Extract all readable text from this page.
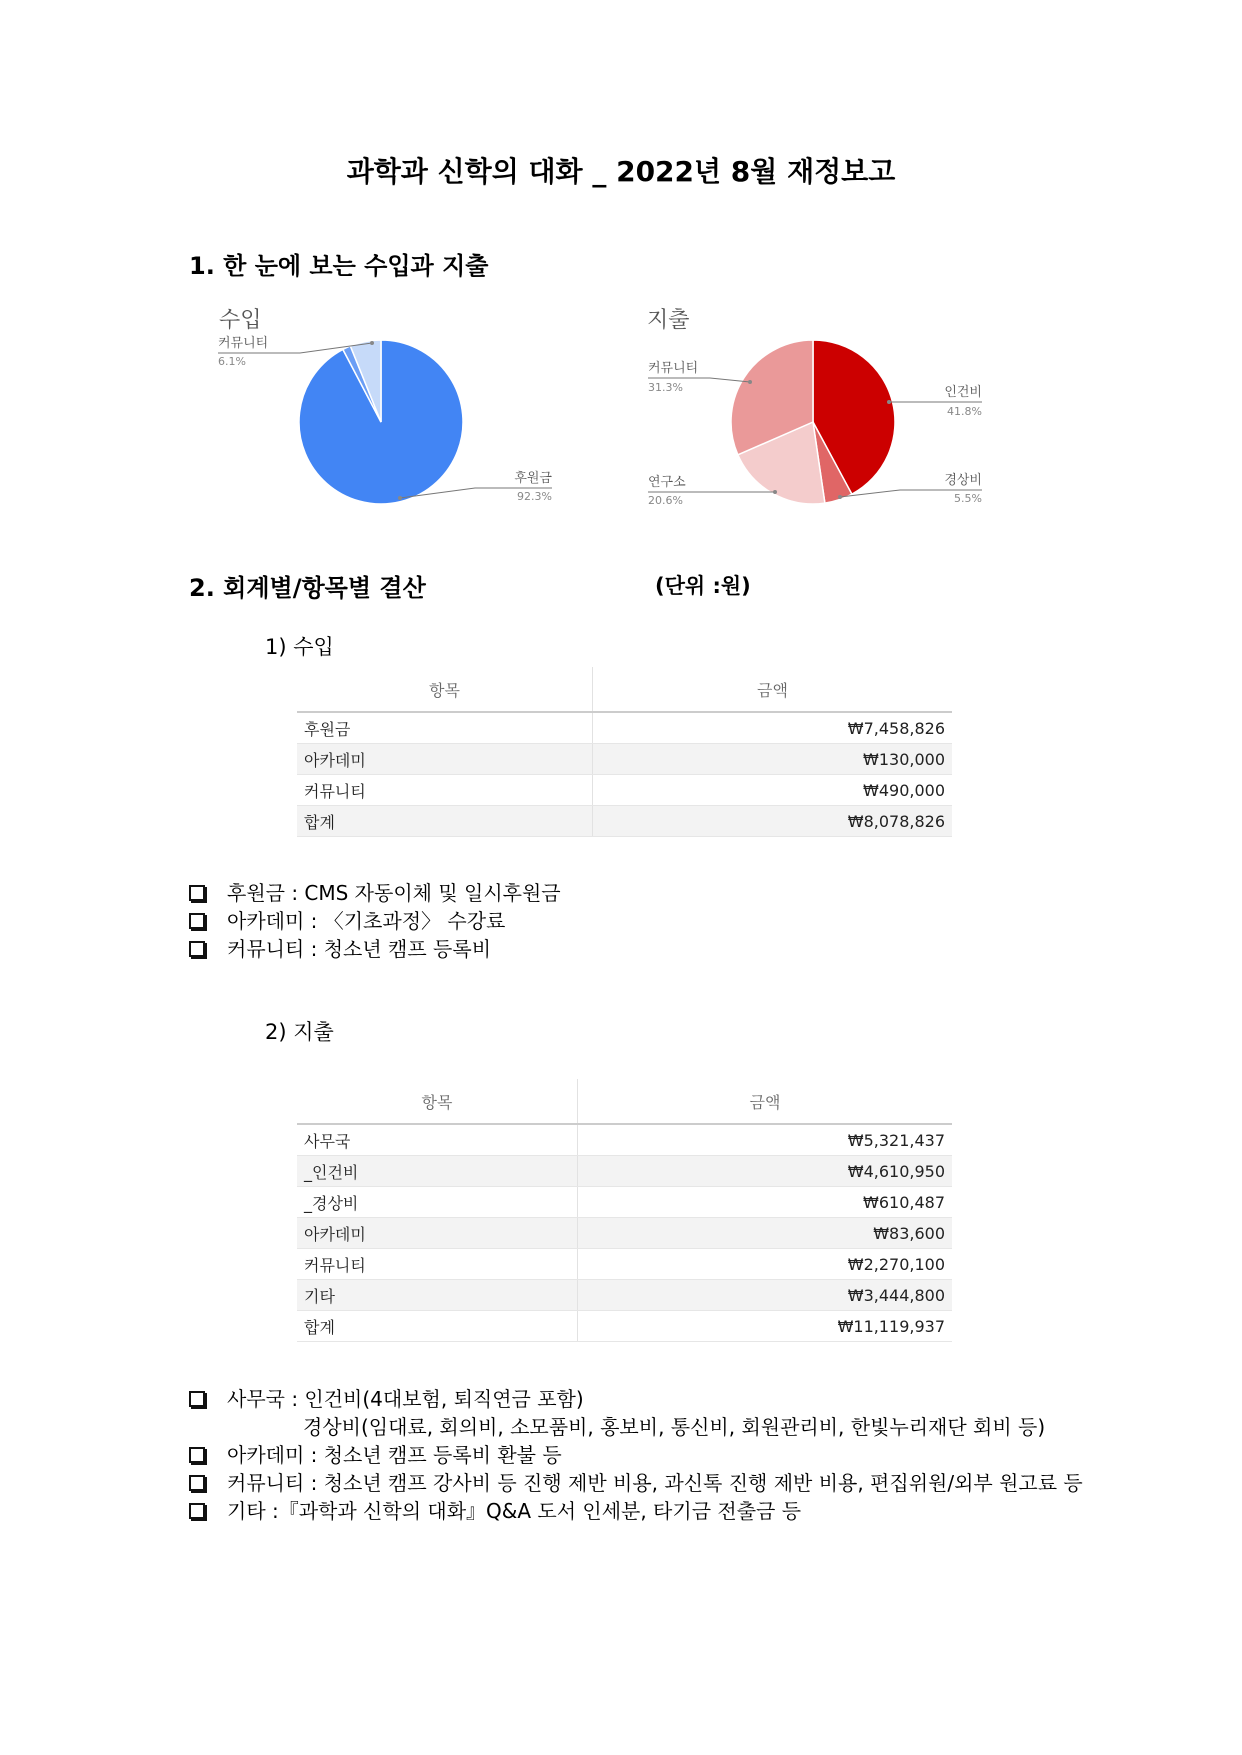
과학과 신학의 대화 _ 2022년 8월 재정보고
1. 한 눈에 보는 수입과 지출
수입
커뮤니티
6.1%
후원금
92.3%
지출
커뮤니티
31.3%	인건비
41.8%
연구소
20.6%
경상비
5.5%
2. 회계별/항목별 결산	(단위 :원)
1) 수입
항목	금액
후원금	₩7,458,826
아카데미	₩130,000
커뮤니티	₩490,000
합계	₩8,078,826
후원금 : CMS 자동이체 및 일시후원금
아카데미 : 〈기초과정〉 수강료
커뮤니티 : 청소년 캠프 등록비
2) 지출
항목	금액
사무국	₩5,321,437
_인건비	₩4,610,950
_경상비	₩610,487
아카데미	₩83,600
커뮤니티	₩2,270,100
기타	₩3,444,800
합계	₩11,119,937
사무국 : 인건비(4대보험, 퇴직연금 포함)
경상비(임대료, 회의비, 소모품비, 홍보비, 통신비, 회원관리비, 한빛누리재단 회비 등)
아카데미 : 청소년 캠프 등록비 환불 등
커뮤니티 : 청소년 캠프 강사비 등 진행 제반 비용, 과신톡 진행 제반 비용, 편집위원/외부 원고료 등
기타 :『과학과 신학의 대화』Q&A 도서 인세분, 타기금 전출금 등
